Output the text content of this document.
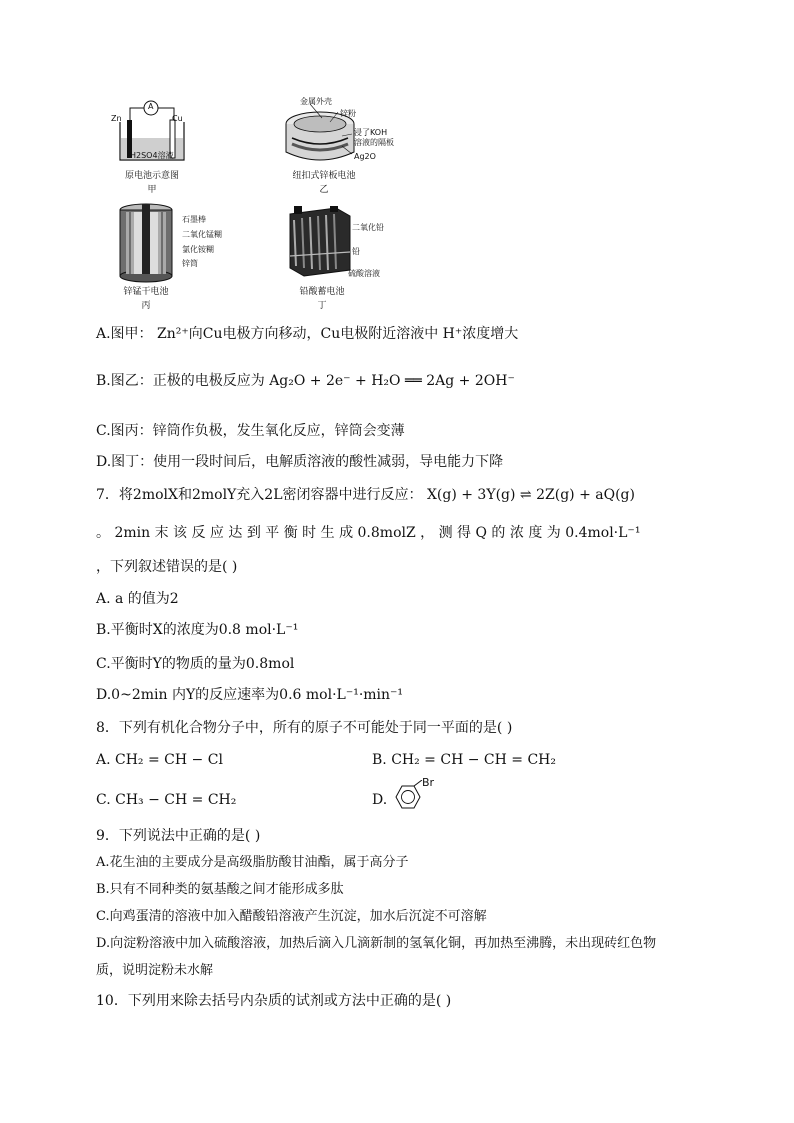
A
Zn	Cu
H2SO4溶液
原电池示意图
甲
金属外壳
锌粉
浸了KOH
溶液的隔板
Ag2O
纽扣式锌板电池
乙
石墨棒
二氧化锰糊
氯化铵糊
锌筒
锌锰干电池
丙
二氧化铅
铅
硫酸溶液
铅酸蓄电池
丁
A.图甲： Zn²⁺向Cu电极方向移动，Cu电极附近溶液中 H⁺浓度增大
B.图乙：正极的电极反应为 Ag₂O + 2e⁻ + H₂O ══ 2Ag + 2OH⁻
C.图丙：锌筒作负极，发生氧化反应，锌筒会变薄
D.图丁：使用一段时间后，电解质溶液的酸性减弱，导电能力下降
7．将2molX和2molY充入2L密闭容器中进行反应： X(g) + 3Y(g) ⇌ 2Z(g) + aQ(g)
。 2min 末 该 反 应 达 到 平 衡 时 生 成 0.8molZ ， 测 得 Q 的 浓 度 为 0.4mol·L⁻¹
，下列叙述错误的是( )
A. a 的值为2
B.平衡时X的浓度为0.8 mol·L⁻¹
C.平衡时Y的物质的量为0.8mol
D.0~2min 内Y的反应速率为0.6 mol·L⁻¹·min⁻¹
8．下列有机化合物分子中，所有的原子不可能处于同一平面的是( )
A. CH₂ = CH − Cl	B. CH₂ = CH − CH = CH₂
C. CH₃ − CH = CH₂	D.
Br
9．下列说法中正确的是( )
A.花生油的主要成分是高级脂肪酸甘油酯，属于高分子
B.只有不同种类的氨基酸之间才能形成多肽
C.向鸡蛋清的溶液中加入醋酸铅溶液产生沉淀，加水后沉淀不可溶解
D.向淀粉溶液中加入硫酸溶液，加热后滴入几滴新制的氢氧化铜，再加热至沸腾，未出现砖红色物
质，说明淀粉未水解
10．下列用来除去括号内杂质的试剂或方法中正确的是( )
